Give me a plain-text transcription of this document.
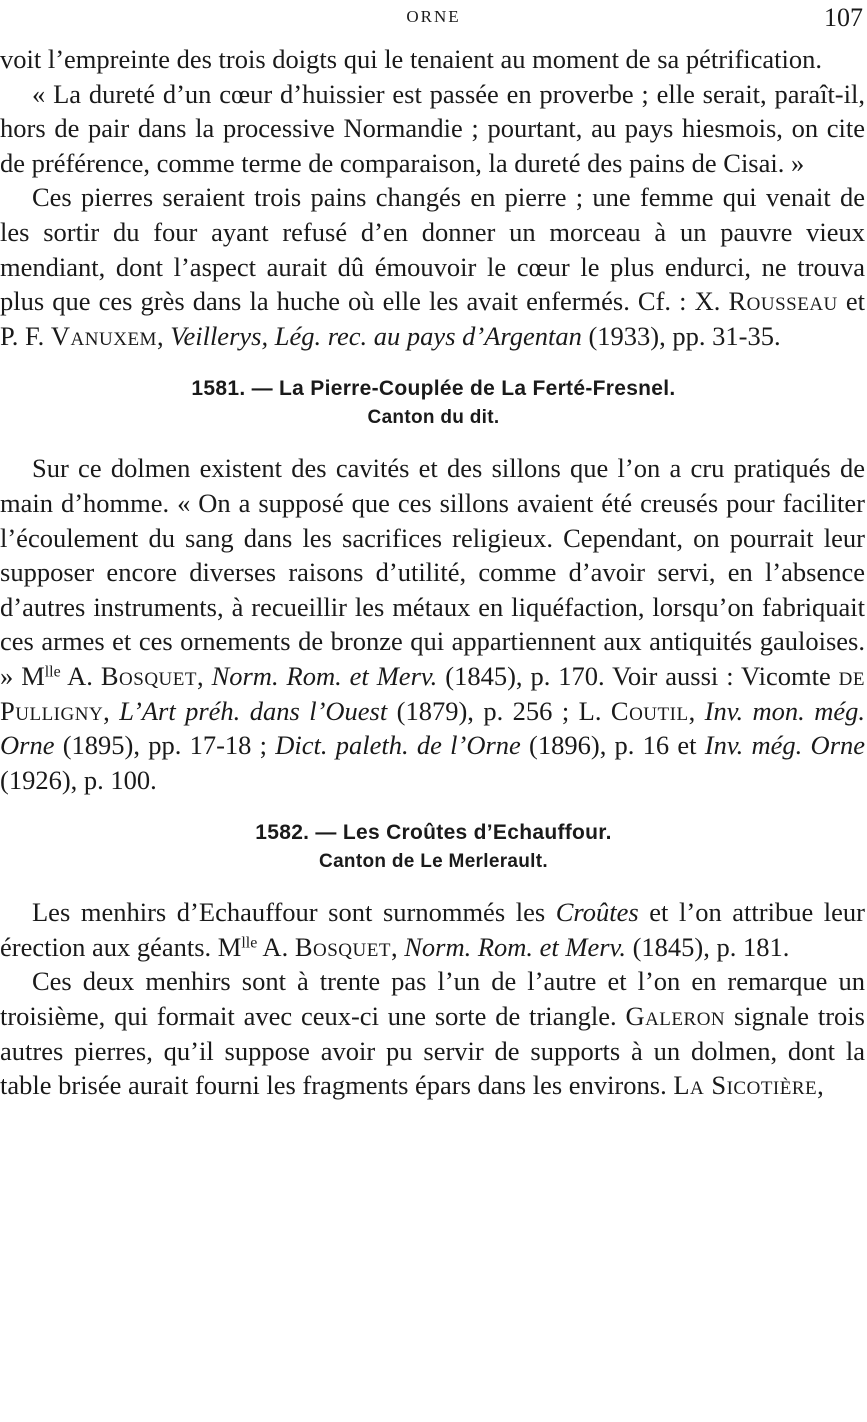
ORNE	107

voit l’empreinte des trois doigts qui le tenaient au moment de sa pétrification.

« La dureté d’un cœur d’huissier est passée en proverbe ; elle serait, paraît-il, hors de pair dans la processive Normandie ; pourtant, au pays hiesmois, on cite de préférence, comme terme de comparaison, la dureté des pains de Cisai. »

Ces pierres seraient trois pains changés en pierre ; une femme qui venait de les sortir du four ayant refusé d’en donner un morceau à un pauvre vieux mendiant, dont l’aspect aurait dû émouvoir le cœur le plus endurci, ne trouva plus que ces grès dans la huche où elle les avait enfermés. Cf. : X. Rousseau et P. F. Vanuxem, Veillerys, Lég. rec. au pays d’Argentan (1933), pp. 31-35.

1581. — La Pierre-Couplée de La Ferté-Fresnel.
Canton du dit.

Sur ce dolmen existent des cavités et des sillons que l’on a cru pratiqués de main d’homme. « On a supposé que ces sillons avaient été creusés pour faciliter l’écoulement du sang dans les sacrifices religieux. Cependant, on pourrait leur supposer encore diverses raisons d’utilité, comme d’avoir servi, en l’absence d’autres instruments, à recueillir les métaux en liquéfaction, lorsqu’on fabriquait ces armes et ces ornements de bronze qui appartiennent aux antiquités gauloises. » $M^{lle}$ A. Bosquet, Norm. Rom. et Merv. (1845), p. 170. Voir aussi : Vicomte de Pulligny, L’Art préh. dans l’Ouest (1879), p. 256 ; L. Coutil, Inv. mon. még. Orne (1895), pp. 17-18 ; Dict. paleth. de l’Orne (1896), p. 16 et Inv. még. Orne (1926), p. 100.

1582. — Les Croûtes d’Echauffour.
Canton de Le Merlerault.

Les menhirs d’Echauffour sont surnommés les Croûtes et l’on attribue leur érection aux géants. $M^{lle}$ A. Bosquet, Norm. Rom. et Merv. (1845), p. 181.

Ces deux menhirs sont à trente pas l’un de l’autre et l’on en remarque un troisième, qui formait avec ceux-ci une sorte de triangle. Galeron signale trois autres pierres, qu’il suppose avoir pu servir de supports à un dolmen, dont la table brisée aurait fourni les fragments épars dans les environs. La Sicotière,
